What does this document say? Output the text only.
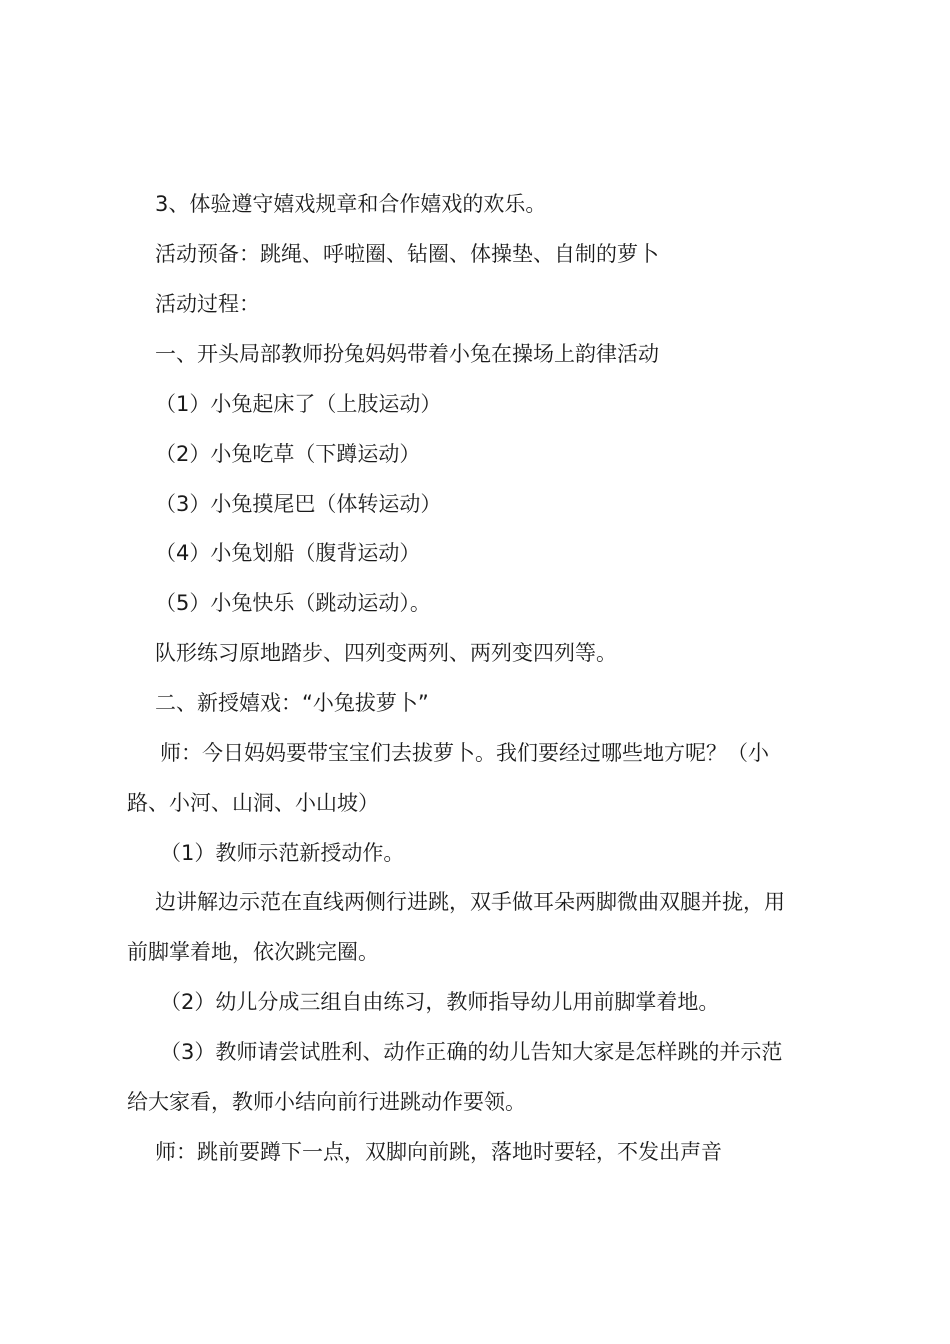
3、体验遵守嬉戏规章和合作嬉戏的欢乐。
活动预备：跳绳、呼啦圈、钻圈、体操垫、自制的萝卜
活动过程：
一、开头局部教师扮兔妈妈带着小兔在操场上韵律活动
（1）小兔起床了（上肢运动）
（2）小兔吃草（下蹲运动）
（3）小兔摸尾巴（体转运动）
（4）小兔划船（腹背运动）
（5）小兔快乐（跳动运动）。
队形练习原地踏步、四列变两列、两列变四列等。
二、新授嬉戏：“小兔拔萝卜”
师：今日妈妈要带宝宝们去拔萝卜。我们要经过哪些地方呢？（小
路、小河、山洞、小山坡）
（1）教师示范新授动作。
边讲解边示范在直线两侧行进跳，双手做耳朵两脚微曲双腿并拢，用
前脚掌着地，依次跳完圈。
（2）幼儿分成三组自由练习，教师指导幼儿用前脚掌着地。
（3）教师请尝试胜利、动作正确的幼儿告知大家是怎样跳的并示范
给大家看，教师小结向前行进跳动作要领。
师：跳前要蹲下一点，双脚向前跳，落地时要轻，不发出声音
